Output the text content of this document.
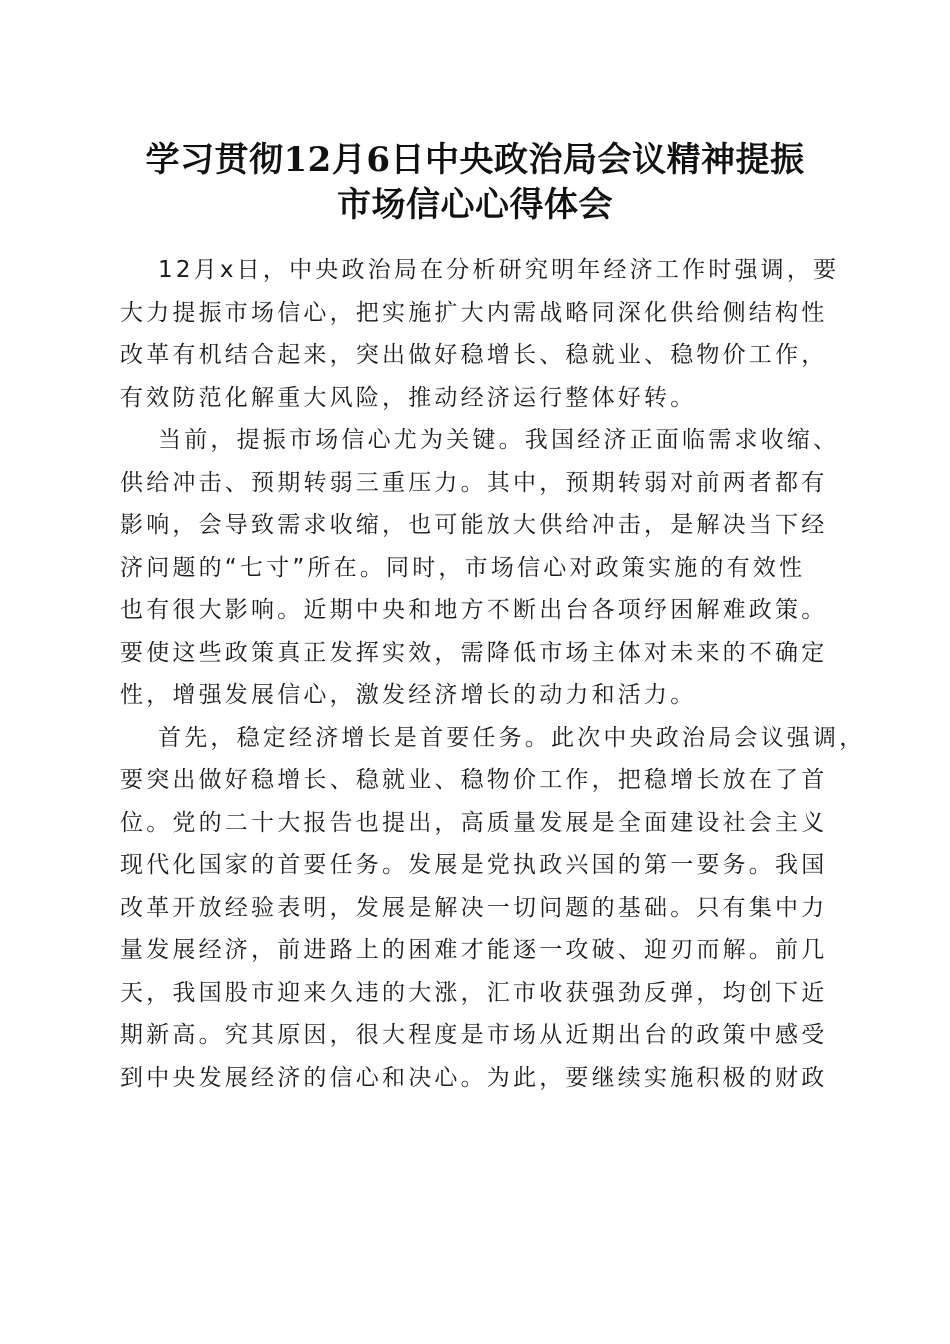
学习贯彻12月6日中央政治局会议精神提振
市场信心心得体会
12月x日，中央政治局在分析研究明年经济工作时强调，要
大力提振市场信心，把实施扩大内需战略同深化供给侧结构性
改革有机结合起来，突出做好稳增长、稳就业、稳物价工作，
有效防范化解重大风险，推动经济运行整体好转。
当前，提振市场信心尤为关键。我国经济正面临需求收缩、
供给冲击、预期转弱三重压力。其中，预期转弱对前两者都有
影响，会导致需求收缩，也可能放大供给冲击，是解决当下经
济问题的“七寸”所在。同时，市场信心对政策实施的有效性
也有很大影响。近期中央和地方不断出台各项纾困解难政策。
要使这些政策真正发挥实效，需降低市场主体对未来的不确定
性，增强发展信心，激发经济增长的动力和活力。
首先，稳定经济增长是首要任务。此次中央政治局会议强调，
要突出做好稳增长、稳就业、稳物价工作，把稳增长放在了首
位。党的二十大报告也提出，高质量发展是全面建设社会主义
现代化国家的首要任务。发展是党执政兴国的第一要务。我国
改革开放经验表明，发展是解决一切问题的基础。只有集中力
量发展经济，前进路上的困难才能逐一攻破、迎刃而解。前几
天，我国股市迎来久违的大涨，汇市收获强劲反弹，均创下近
期新高。究其原因，很大程度是市场从近期出台的政策中感受
到中央发展经济的信心和决心。为此，要继续实施积极的财政
